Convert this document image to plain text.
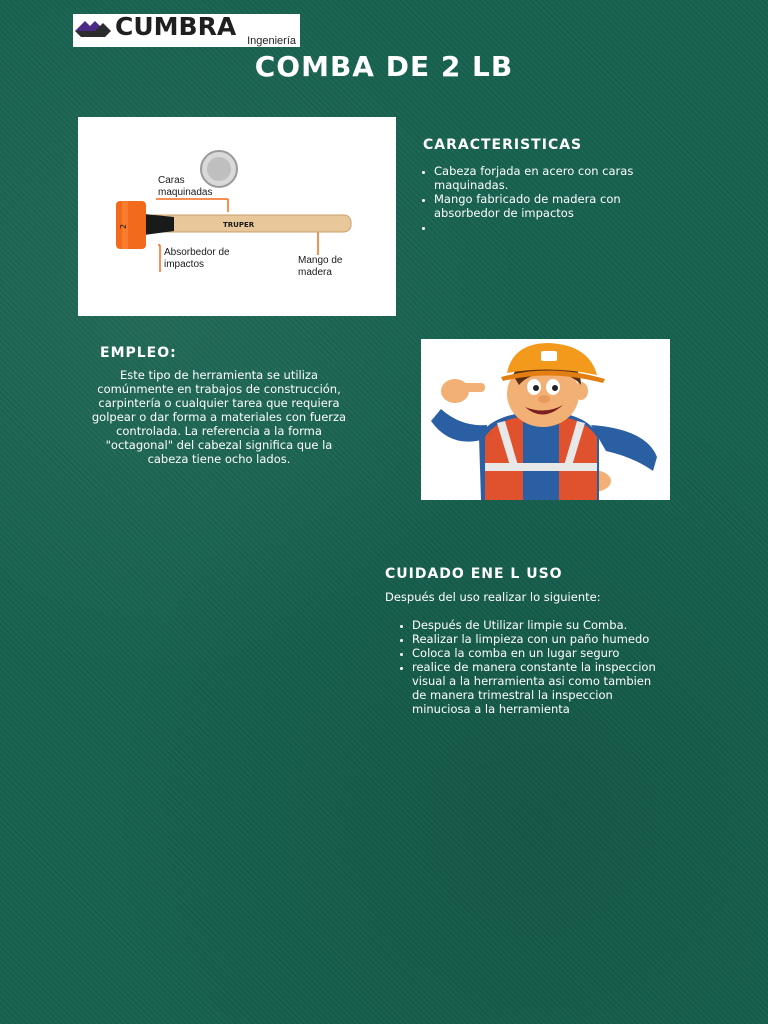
CUMBRA Ingeniería
COMBA DE 2 LB
2	TRUPER
Caras maquinadas
Absorbedor de impactos	Mango de madera
CARACTERISTICAS
• Cabeza forjada en acero con caras maquinadas.
• Mango fabricado de madera con absorbedor de impactos
•
EMPLEO:
Este tipo de herramienta se utiliza comúnmente en trabajos de construcción, carpintería o cualquier tarea que requiera golpear o dar forma a materiales con fuerza controlada. La referencia a la forma "octagonal" del cabezal significa que la cabeza tiene ocho lados.
CUIDADO ENE L USO
Después del uso realizar lo siguiente:
• Después de Utilizar limpie su Comba.
• Realizar la limpieza con un paño humedo
• Coloca la comba en un lugar seguro
• realice de manera constante la inspeccion visual a la herramienta asi como tambien de manera trimestral la inspeccion minuciosa a la herramienta
